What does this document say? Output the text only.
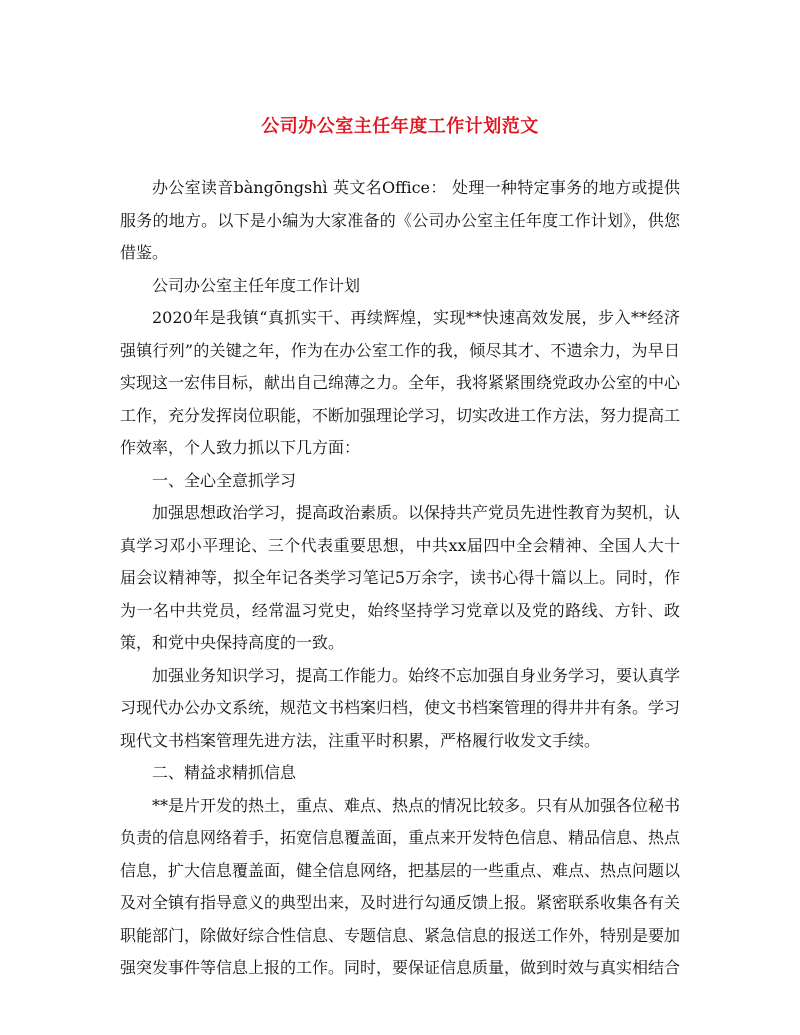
公司办公室主任年度工作计划范文

办公室读音bàngōngshì 英文名Office： 处理一种特定事务的地方或提供服务的地方。以下是小编为大家准备的《公司办公室主任年度工作计划》，供您借鉴。

公司办公室主任年度工作计划

2020年是我镇“真抓实干、再续辉煌，实现**快速高效发展，步入**经济强镇行列”的关键之年，作为在办公室工作的我，倾尽其才、不遗余力，为早日实现这一宏伟目标，献出自己绵薄之力。全年，我将紧紧围绕党政办公室的中心工作，充分发挥岗位职能，不断加强理论学习，切实改进工作方法，努力提高工作效率，个人致力抓以下几方面：

一、全心全意抓学习

加强思想政治学习，提高政治素质。以保持共产党员先进性教育为契机，认真学习邓小平理论、三个代表重要思想，中共xx届四中全会精神、全国人大十届会议精神等，拟全年记各类学习笔记5万余字，读书心得十篇以上。同时，作为一名中共党员，经常温习党史，始终坚持学习党章以及党的路线、方针、政策，和党中央保持高度的一致。

加强业务知识学习，提高工作能力。始终不忘加强自身业务学习，要认真学习现代办公办文系统，规范文书档案归档，使文书档案管理的得井井有条。学习现代文书档案管理先进方法，注重平时积累，严格履行收发文手续。

二、精益求精抓信息

**是片开发的热土，重点、难点、热点的情况比较多。只有从加强各位秘书负责的信息网络着手，拓宽信息覆盖面，重点来开发特色信息、精品信息、热点信息，扩大信息覆盖面，健全信息网络，把基层的一些重点、难点、热点问题以及对全镇有指导意义的典型出来，及时进行勾通反馈上报。紧密联系收集各有关职能部门，除做好综合性信息、专题信息、紧急信息的报送工作外，特别是要加强突发事件等信息上报的工作。同时，要保证信息质量，做到时效与真实相结合
